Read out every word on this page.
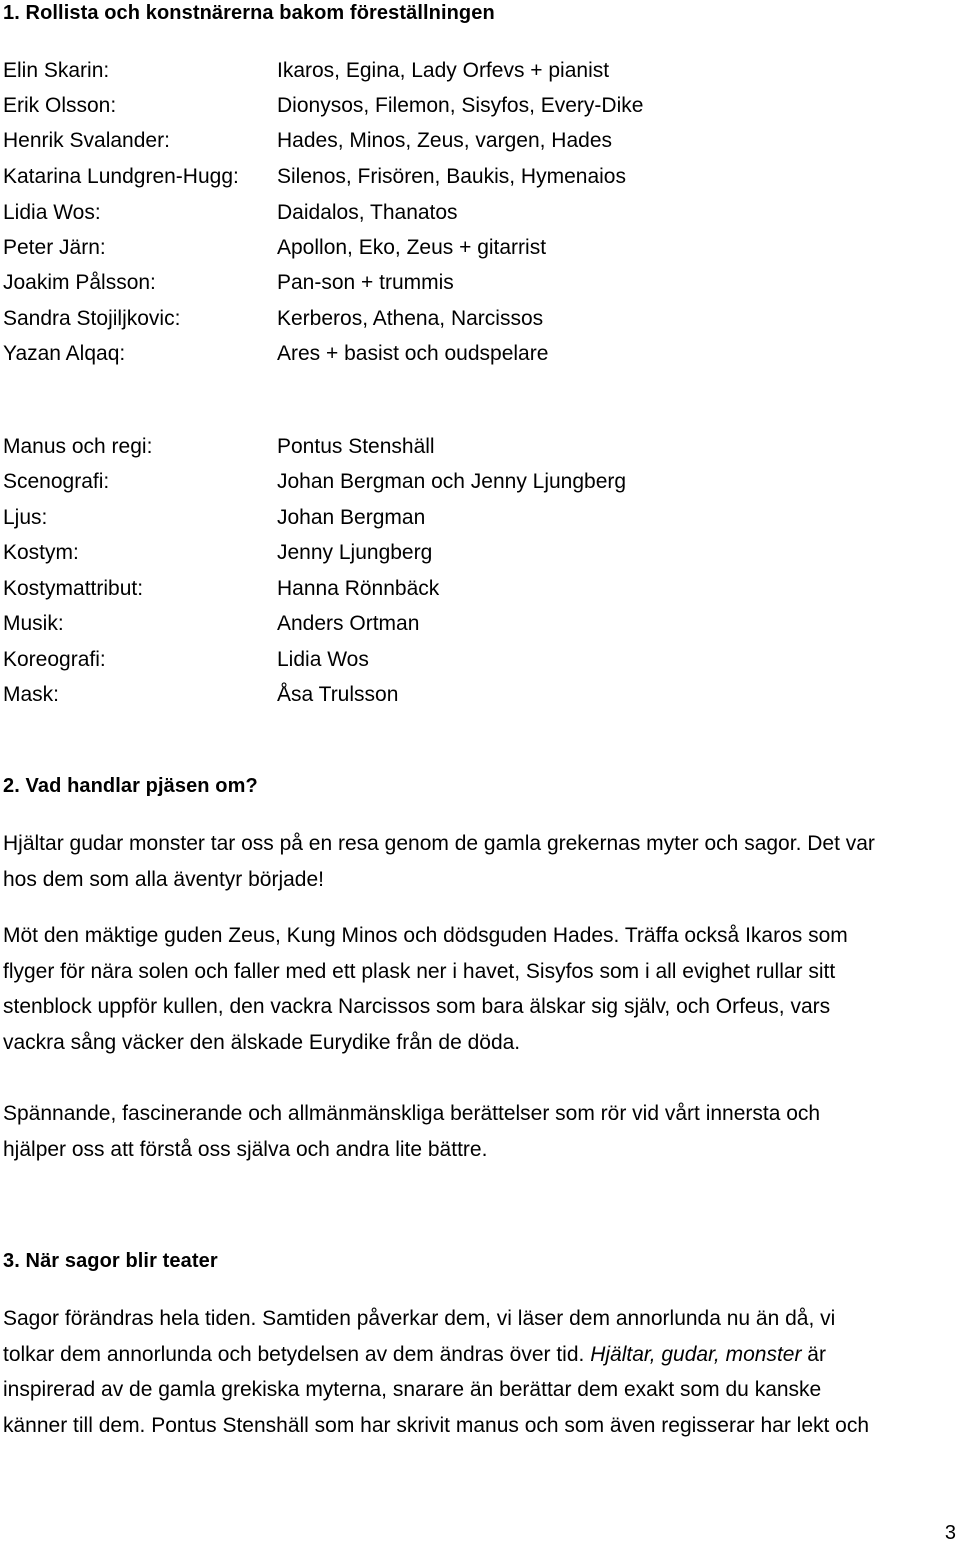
1. Rollista och konstnärerna bakom föreställningen
Elin Skarin:	Ikaros, Egina, Lady Orfevs + pianist
Erik Olsson:	Dionysos, Filemon, Sisyfos, Every-Dike
Henrik Svalander:	Hades, Minos, Zeus, vargen, Hades
Katarina Lundgren-Hugg: Silenos, Frisören, Baukis, Hymenaios
Lidia Wos:	Daidalos, Thanatos
Peter Järn:	Apollon, Eko, Zeus + gitarrist
Joakim Pålsson:	Pan-son + trummis
Sandra Stojiljkovic:	Kerberos, Athena, Narcissos
Yazan Alqaq:	Ares + basist och oudspelare
Manus och regi:	Pontus Stenshäll
Scenografi:	Johan Bergman och Jenny Ljungberg
Ljus:	Johan Bergman
Kostym:	Jenny Ljungberg
Kostymattribut:	Hanna Rönnbäck
Musik:	Anders Ortman
Koreografi:	Lidia Wos
Mask:	Åsa Trulsson
2. Vad handlar pjäsen om?
Hjältar gudar monster tar oss på en resa genom de gamla grekernas myter och sagor. Det var
hos dem som alla äventyr började!
Möt den mäktige guden Zeus, Kung Minos och dödsguden Hades. Träffa också Ikaros som
flyger för nära solen och faller med ett plask ner i havet, Sisyfos som i all evighet rullar sitt
stenblock uppför kullen, den vackra Narcissos som bara älskar sig själv, och Orfeus, vars
vackra sång väcker den älskade Eurydike från de döda.
Spännande, fascinerande och allmänmänskliga berättelser som rör vid vårt innersta och
hjälper oss att förstå oss själva och andra lite bättre.
3. När sagor blir teater
Sagor förändras hela tiden. Samtiden påverkar dem, vi läser dem annorlunda nu än då, vi
tolkar dem annorlunda och betydelsen av dem ändras över tid. Hjältar, gudar, monster är
inspirerad av de gamla grekiska myterna, snarare än berättar dem exakt som du kanske
känner till dem. Pontus Stenshäll som har skrivit manus och som även regisserar har lekt och
3
